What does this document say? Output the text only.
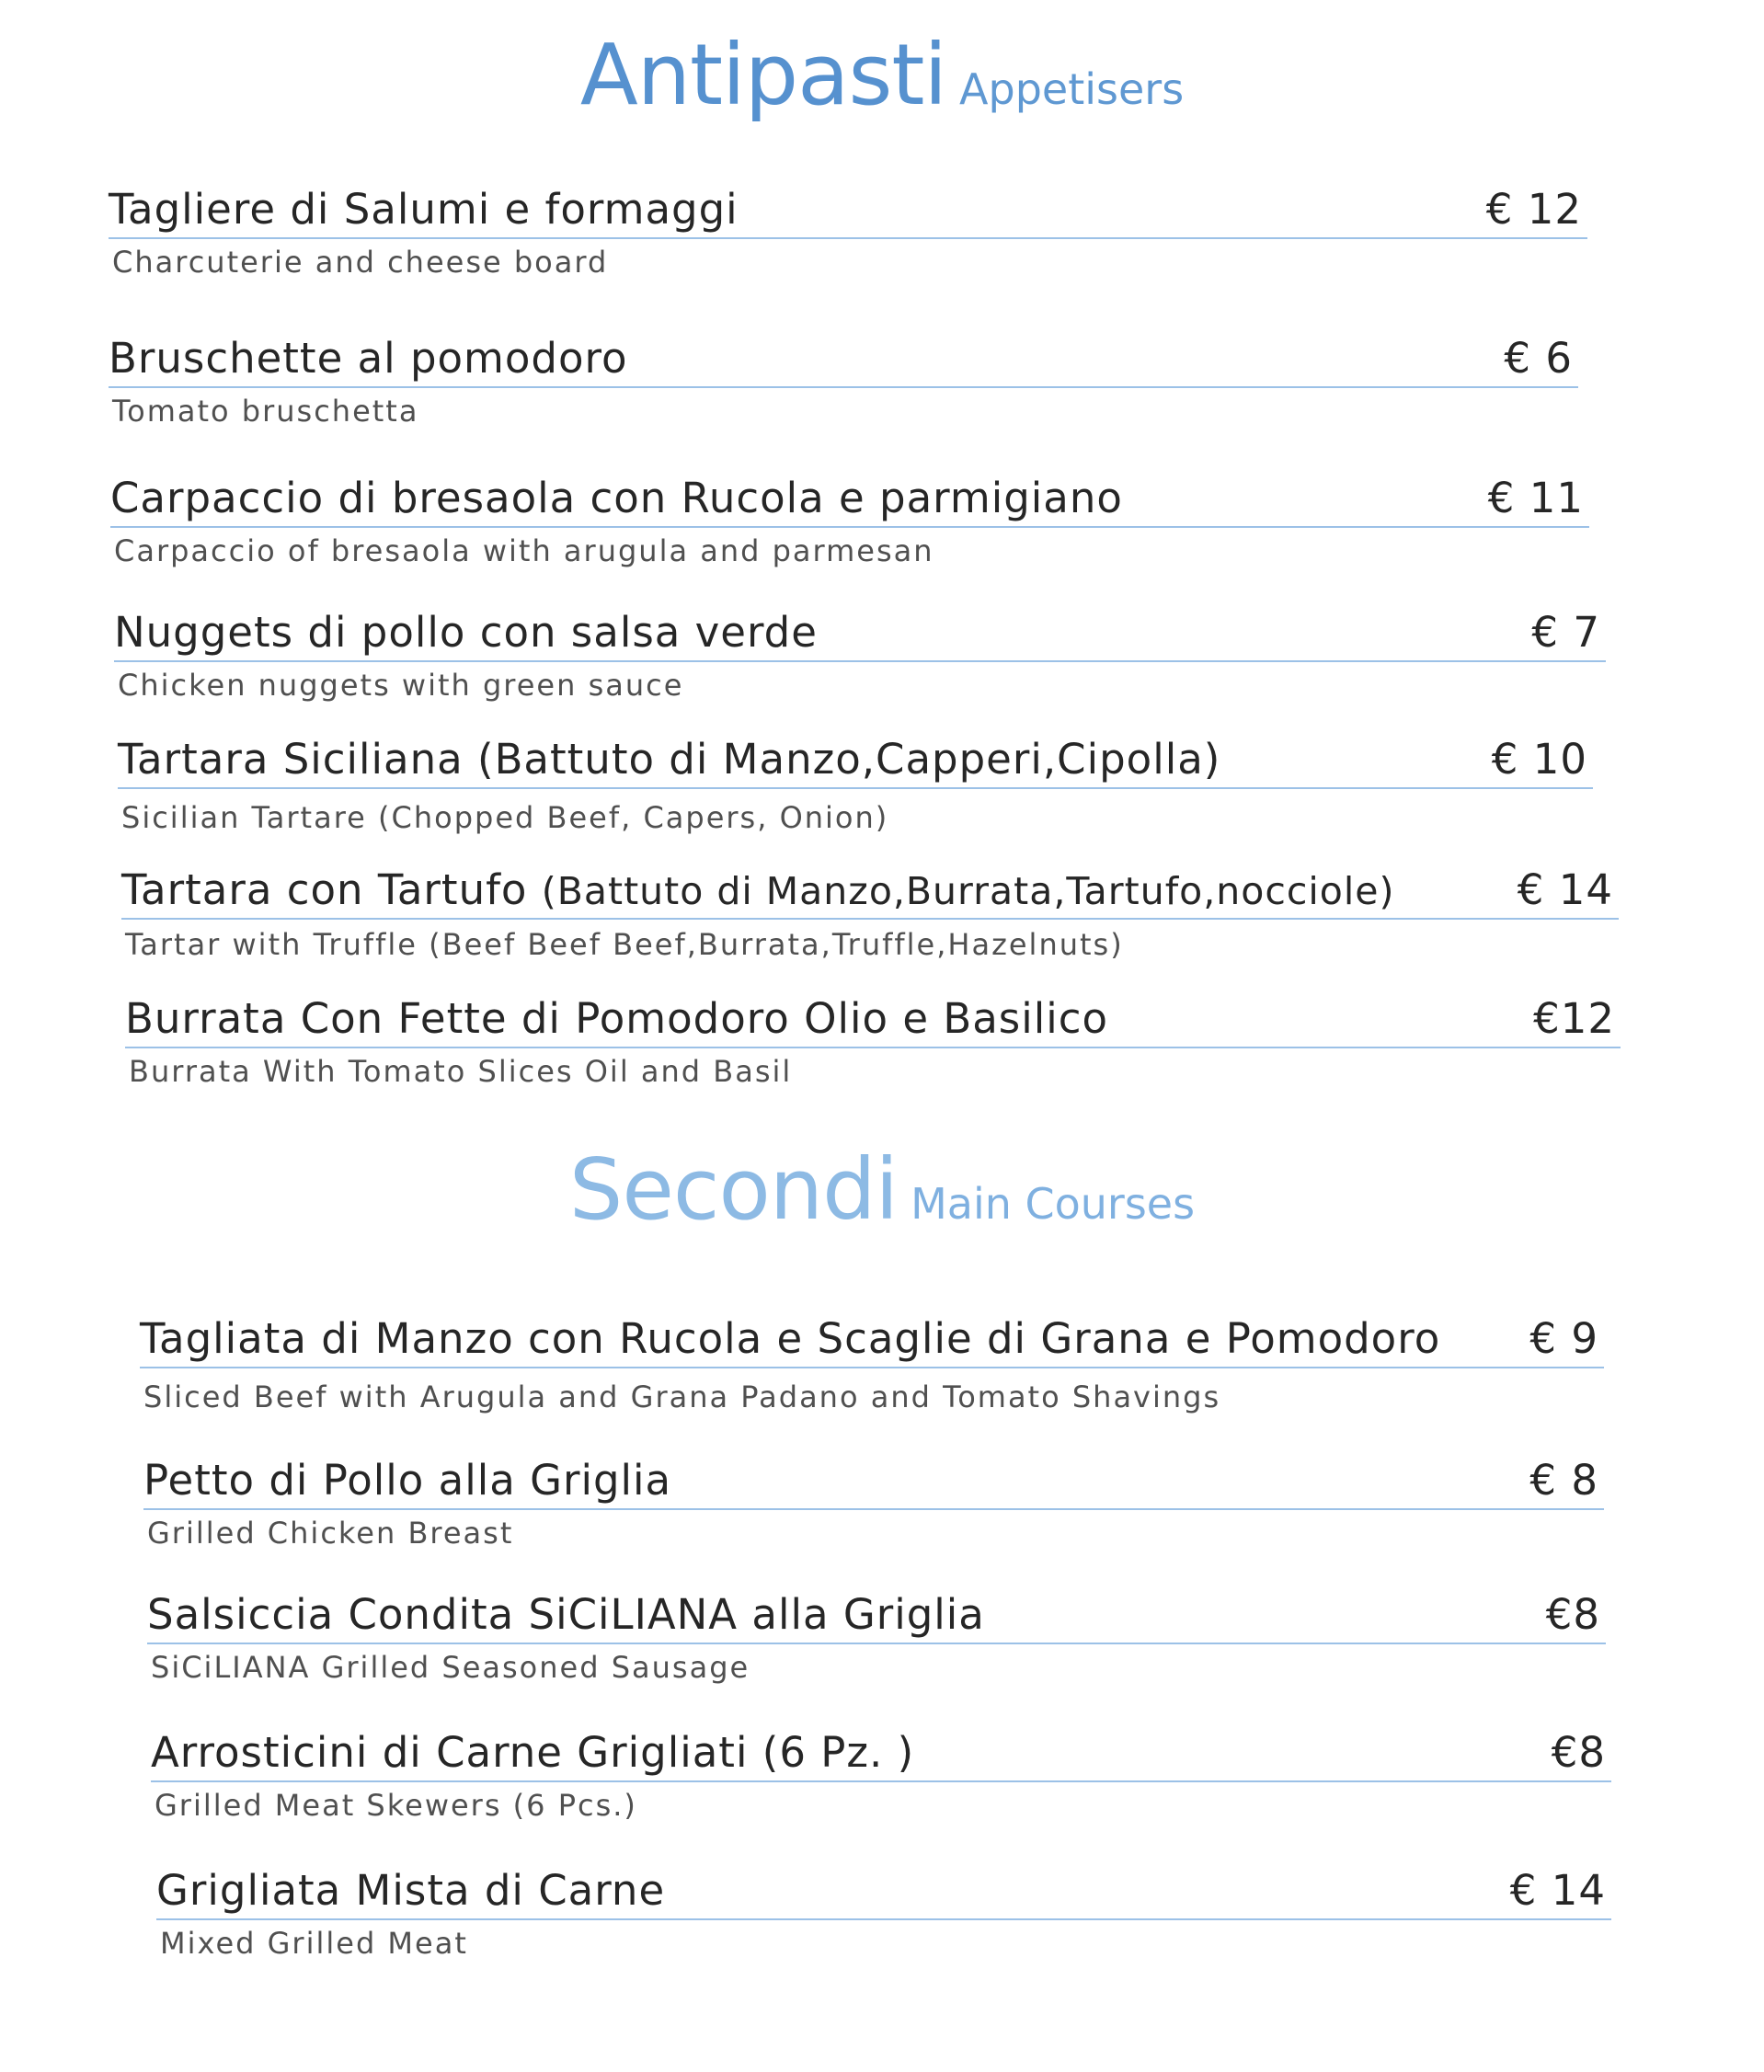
Antipasti Appetisers
Tagliere di Salumi e formaggi	€ 12
Charcuterie and cheese board
Bruschette al pomodoro	€ 6
Tomato bruschetta
Carpaccio di bresaola con Rucola e parmigiano	€ 11
Carpaccio of bresaola with arugula and parmesan
Nuggets di pollo con salsa verde	€ 7
Chicken nuggets with green sauce
Tartara Siciliana (Battuto di Manzo,Capperi,Cipolla)	€ 10
Sicilian Tartare (Chopped Beef, Capers, Onion)
Tartara con Tartufo (Battuto di Manzo,Burrata,Tartufo,nocciole)	€ 14
Tartar with Truffle (Beef Beef Beef,Burrata,Truffle,Hazelnuts)
Burrata Con Fette di Pomodoro Olio e Basilico	€12
Burrata With Tomato Slices Oil and Basil
Secondi Main Courses
Tagliata di Manzo con Rucola e Scaglie di Grana e Pomodoro € 9
Sliced Beef with Arugula and Grana Padano and Tomato Shavings
Petto di Pollo alla Griglia	€ 8
Grilled Chicken Breast
Salsiccia Condita SiCiLIANA alla Griglia	€8
SiCiLIANA Grilled Seasoned Sausage
Arrosticini di Carne Grigliati (6 Pz. )	€8
Grilled Meat Skewers (6 Pcs.)
Grigliata Mista di Carne	€ 14
Mixed Grilled Meat
